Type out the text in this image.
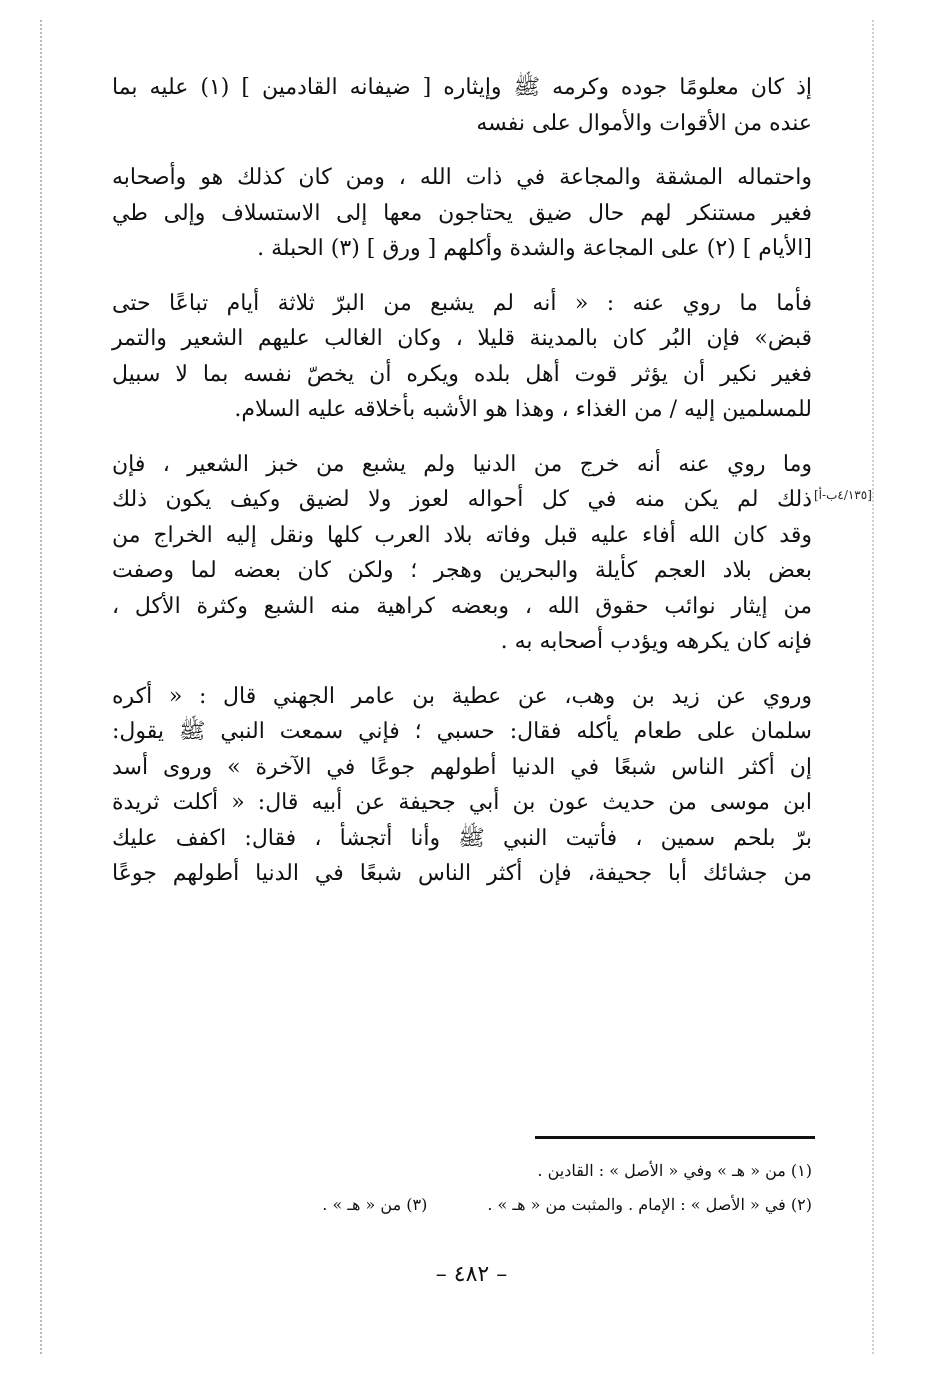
إذ كان معلومًا جوده وكرمه ﷺ وإيثاره [ ضيفانه القادمين ] (١) عليه بما
عنده من الأقوات والأموال على نفسه
واحتماله المشقة والمجاعة في ذات الله ، ومن كان كذلك هو وأصحابه
فغير مستنكر لهم حال ضيق يحتاجون معها إلى الاستسلاف وإلى طي
[الأيام ] (٢) على المجاعة والشدة وأكلهم [ ورق ] (٣) الحبلة .
فأما ما روي عنه : « أنه لم يشبع من البرّ ثلاثة أيام تباعًا حتى
قبض» فإن البُر كان بالمدينة قليلا ، وكان الغالب عليهم الشعير والتمر
فغير نكير أن يؤثر قوت أهل بلده ويكره أن يخصّ نفسه بما لا سبيل
للمسلمين إليه / من الغذاء ، وهذا هو الأشبه بأخلاقه عليه السلام.
وما روي عنه أنه خرج من الدنيا ولم يشبع من خبز الشعير ، فإن
ذلك لم يكن منه في كل أحواله لعوز ولا لضيق وكيف يكون ذلك
وقد كان الله أفاء عليه قبل وفاته بلاد العرب كلها ونقل إليه الخراج من
بعض بلاد العجم كأيلة والبحرين وهجر ؛ ولكن كان بعضه لما وصفت
من إيثار نوائب حقوق الله ، وبعضه كراهية منه الشبع وكثرة الأكل ،
فإنه كان يكرهه ويؤدب أصحابه به .
وروي عن زيد بن وهب، عن عطية بن عامر الجهني قال : « أكره
سلمان على طعام يأكله فقال: حسبي ؛ فإني سمعت النبي ﷺ يقول:
إن أكثر الناس شبعًا في الدنيا أطولهم جوعًا في الآخرة » وروى أسد
ابن موسى من حديث عون بن أبي جحيفة عن أبيه قال: « أكلت ثريدة
برّ بلحم سمين ، فأتيت النبي ﷺ وأنا أتجشأ ، فقال: اكفف عليك
من جشائك أبا جحيفة، فإن أكثر الناس شبعًا في الدنيا أطولهم جوعًا
[٤/١٣٥ب-أ]
(١) من « هـ » وفي « الأصل » : القادين .
(٢) في « الأصل » : الإمام . والمثبت من « هـ » .(٣) من « هـ » .
– ٤٨٢ –
